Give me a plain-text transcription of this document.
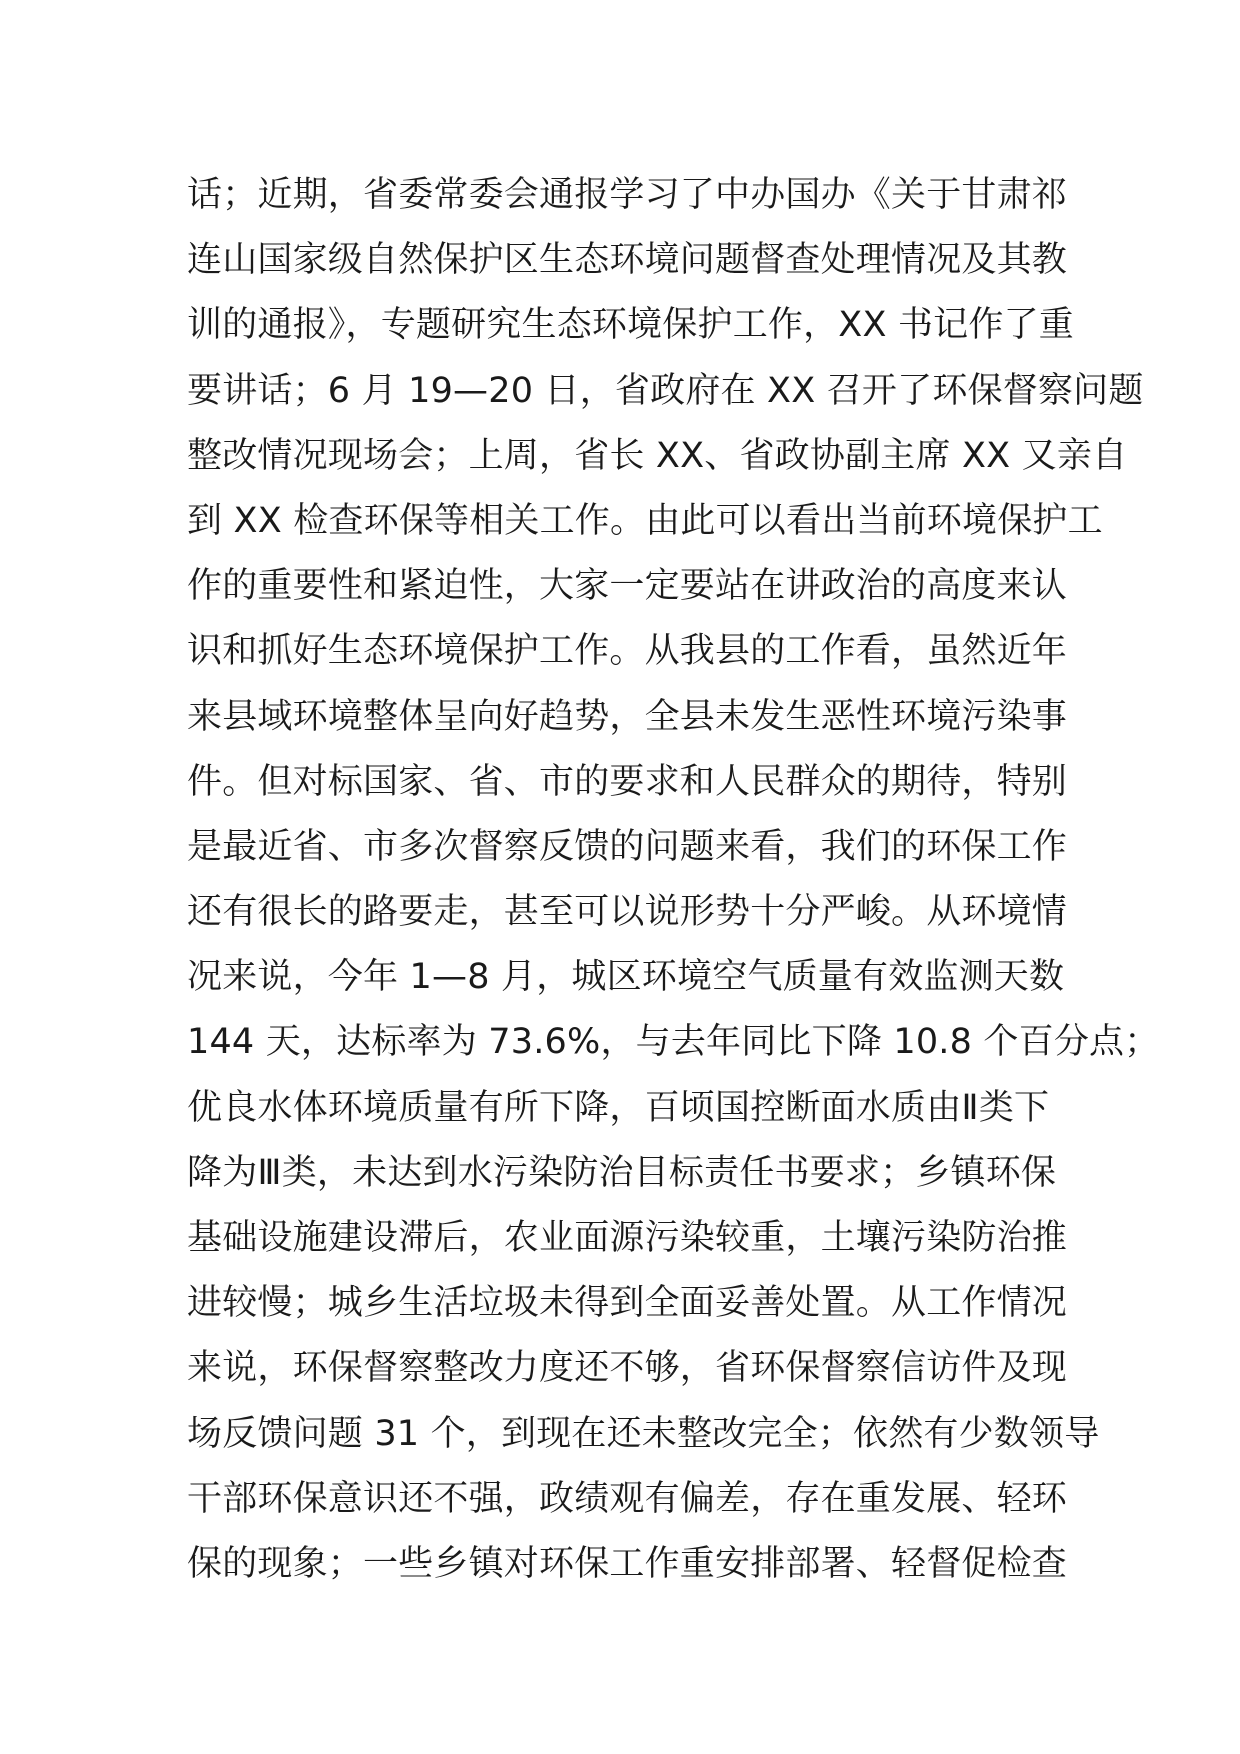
话；近期，省委常委会通报学习了中办国办《关于甘肃祁
连山国家级自然保护区生态环境问题督查处理情况及其教
训的通报》，专题研究生态环境保护工作，XX 书记作了重
要讲话；6 月 19—20 日，省政府在 XX 召开了环保督察问题
整改情况现场会；上周，省长 XX、省政协副主席 XX 又亲自
到 XX 检查环保等相关工作。由此可以看出当前环境保护工
作的重要性和紧迫性，大家一定要站在讲政治的高度来认
识和抓好生态环境保护工作。从我县的工作看，虽然近年
来县域环境整体呈向好趋势，全县未发生恶性环境污染事
件。但对标国家、省、市的要求和人民群众的期待，特别
是最近省、市多次督察反馈的问题来看，我们的环保工作
还有很长的路要走，甚至可以说形势十分严峻。从环境情
况来说，今年 1—8 月，城区环境空气质量有效监测天数
144 天，达标率为 73.6%，与去年同比下降 10.8 个百分点；
优良水体环境质量有所下降，百顷国控断面水质由Ⅱ类下
降为Ⅲ类，未达到水污染防治目标责任书要求；乡镇环保
基础设施建设滞后，农业面源污染较重，土壤污染防治推
进较慢；城乡生活垃圾未得到全面妥善处置。从工作情况
来说，环保督察整改力度还不够，省环保督察信访件及现
场反馈问题 31 个，到现在还未整改完全；依然有少数领导
干部环保意识还不强，政绩观有偏差，存在重发展、轻环
保的现象；一些乡镇对环保工作重安排部署、轻督促检查
